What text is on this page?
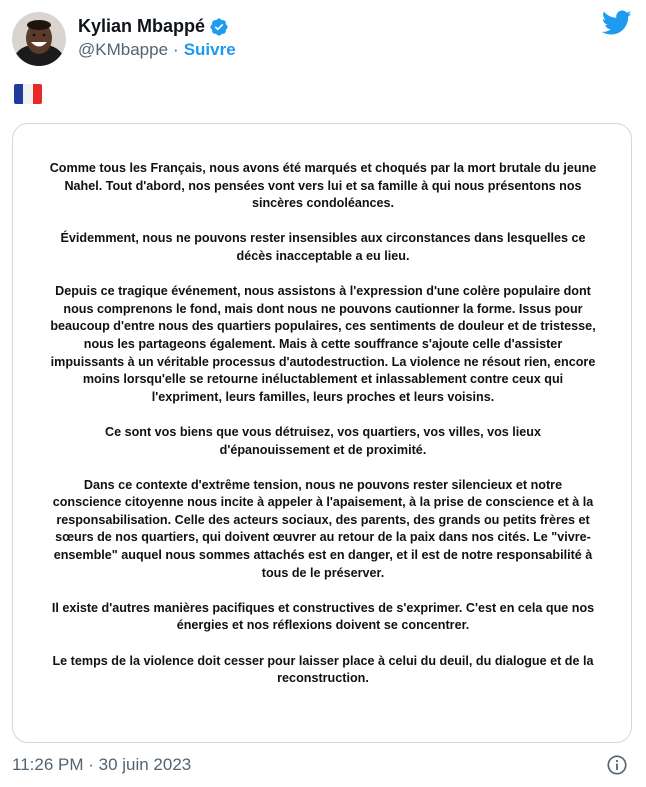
Kylian Mbappé
@KMbappe · Suivre

Comme tous les Français, nous avons été marqués et choqués par la mort brutale du jeune Nahel. Tout d'abord, nos pensées vont vers lui et sa famille à qui nous présentons nos sincères condoléances.

Évidemment, nous ne pouvons rester insensibles aux circonstances dans lesquelles ce décès inacceptable a eu lieu.

Depuis ce tragique événement, nous assistons à l'expression d'une colère populaire dont nous comprenons le fond, mais dont nous ne pouvons cautionner la forme. Issus pour beaucoup d'entre nous des quartiers populaires, ces sentiments de douleur et de tristesse, nous les partageons également. Mais à cette souffrance s'ajoute celle d'assister impuissants à un véritable processus d'autodestruction. La violence ne résout rien, encore moins lorsqu'elle se retourne inéluctablement et inlassablement contre ceux qui l'expriment, leurs familles, leurs proches et leurs voisins.

Ce sont vos biens que vous détruisez, vos quartiers, vos villes, vos lieux d'épanouissement et de proximité.

Dans ce contexte d'extrême tension, nous ne pouvons rester silencieux et notre conscience citoyenne nous incite à appeler à l'apaisement, à la prise de conscience et à la responsabilisation. Celle des acteurs sociaux, des parents, des grands ou petits frères et sœurs de nos quartiers, qui doivent œuvrer au retour de la paix dans nos cités. Le "vivre-ensemble" auquel nous sommes attachés est en danger, et il est de notre responsabilité à tous de le préserver.

Il existe d'autres manières pacifiques et constructives de s'exprimer. C'est en cela que nos énergies et nos réflexions doivent se concentrer.

Le temps de la violence doit cesser pour laisser place à celui du deuil, du dialogue et de la reconstruction.

11:26 PM · 30 juin 2023
